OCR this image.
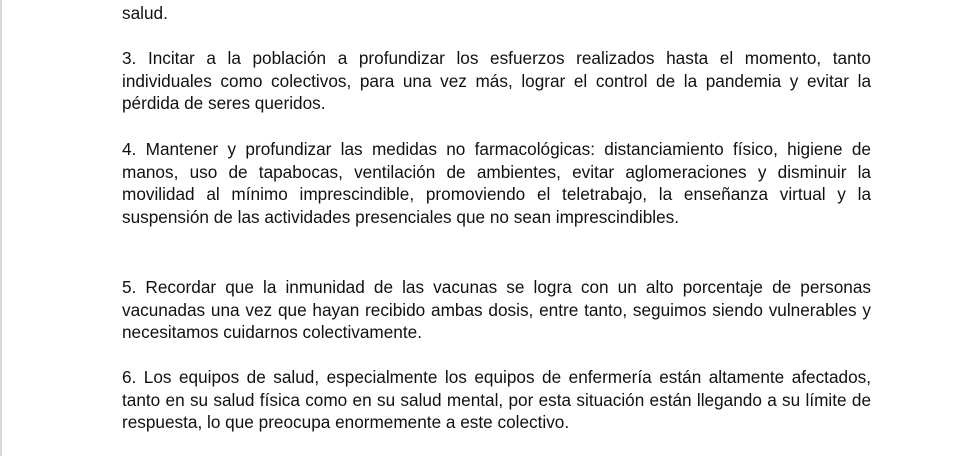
salud.

3. Incitar a la población a profundizar los esfuerzos realizados hasta el momento, tanto individuales como colectivos, para una vez más, lograr el control de la pandemia y evitar la pérdida de seres queridos.

4. Mantener y profundizar las medidas no farmacológicas: distanciamiento físico, higiene de manos, uso de tapabocas, ventilación de ambientes, evitar aglomeraciones y disminuir la movilidad al mínimo imprescindible, promoviendo el teletrabajo, la enseñanza virtual y la suspensión de las actividades presenciales que no sean imprescindibles.

5. Recordar que la inmunidad de las vacunas se logra con un alto porcentaje de personas vacunadas una vez que hayan recibido ambas dosis, entre tanto, seguimos siendo vulnerables y necesitamos cuidarnos colectivamente.

6. Los equipos de salud, especialmente los equipos de enfermería están altamente afectados, tanto en su salud física como en su salud mental, por esta situación están llegando a su límite de respuesta, lo que preocupa enormemente a este colectivo.
